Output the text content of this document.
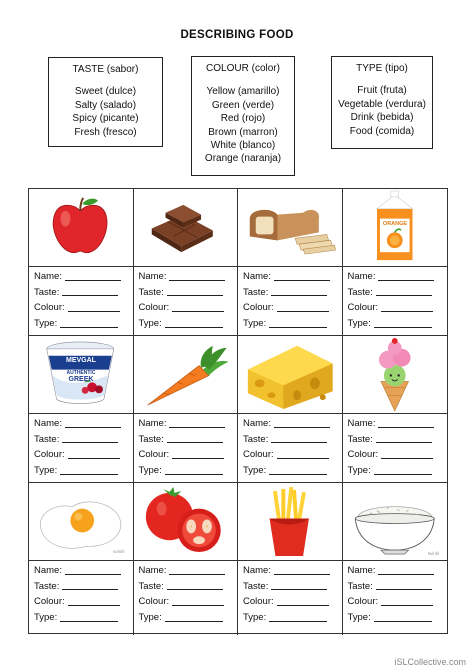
DESCRIBING FOOD
TASTE (sabor)
Sweet (dulce)
Salty (salado)
Spicy (picante)
Fresh (fresco)
COLOUR (color)
Yellow (amarillo)
Green (verde)
Red (rojo)
Brown (marron)
White (blanco)
Orange (naranja)
TYPE (tipo)
Fruit (fruta)
Vegetable (verdura)
Drink (bebida)
Food (comida)
ORANGE
Name:
Taste:
Colour:
Type:
Name:
Taste:
Colour:
Type:
Name:
Taste:
Colour:
Type:
Name:
Taste:
Colour:
Type:
MEVGAL
AUTHENTIC
GREEK
Name:
Taste:
Colour:
Type:
Name:
Taste:
Colour:
Type:
Name:
Taste:
Colour:
Type:
Name:
Taste:
Colour:
Type:
twinkl	twinkl
Name:
Taste:
Colour:
Type:
Name:
Taste:
Colour:
Type:
Name:
Taste:
Colour:
Type:
Name:
Taste:
Colour:
Type:
iSLCollective.com
